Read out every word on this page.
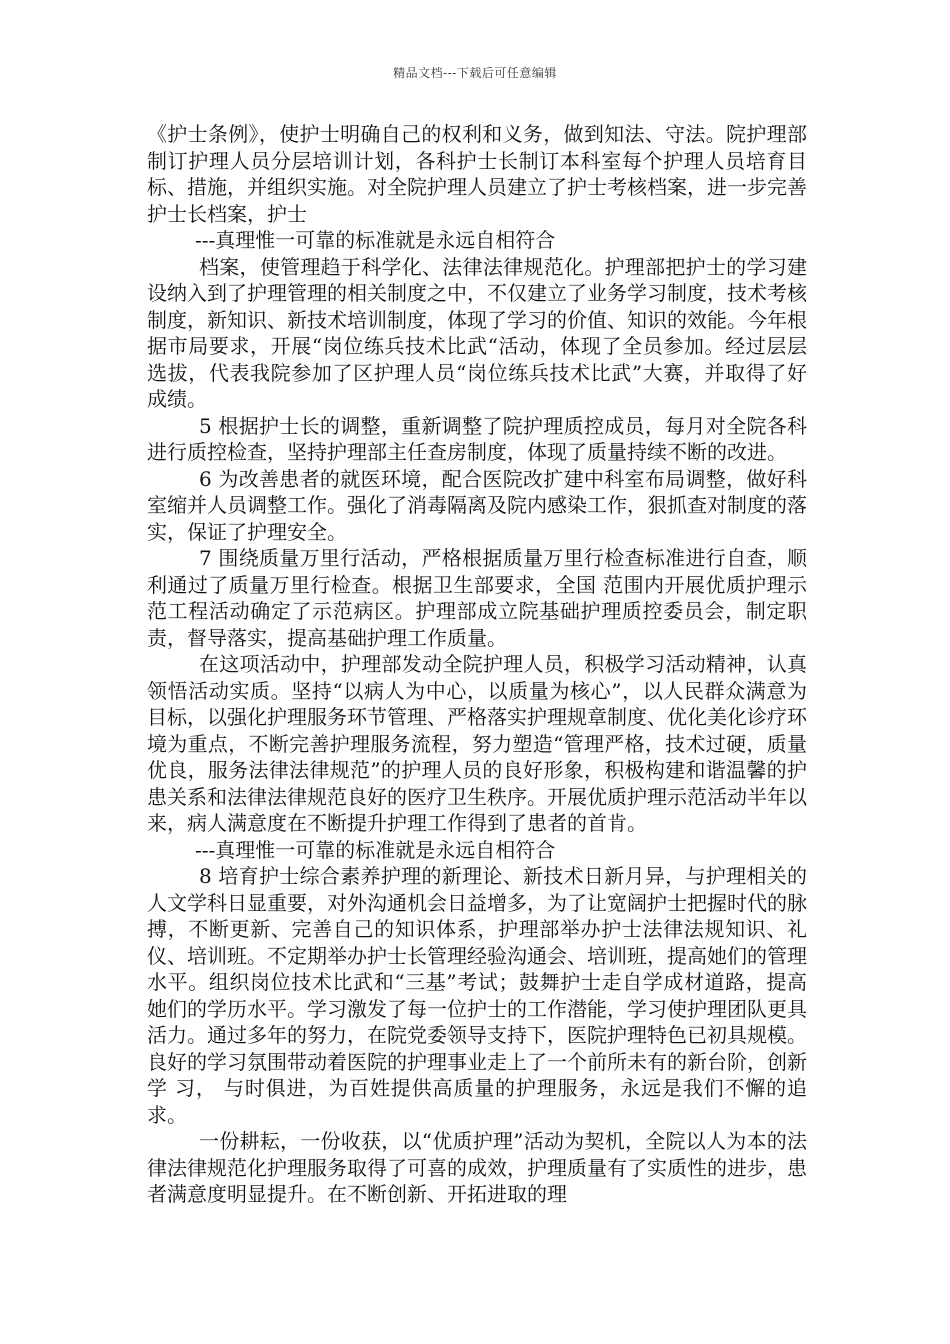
精品文档---下载后可任意编辑

《护士条例》，使护士明确自己的权利和义务，做到知法、守法。院护理部制订护理人员分层培训计划，各科护士长制订本科室每个护理人员培育目标、措施，并组织实施。对全院护理人员建立了护士考核档案，进一步完善护士长档案，护士

---真理惟一可靠的标准就是永远自相符合

档案，使管理趋于科学化、法律法律规范化。护理部把护士的学习建设纳入到了护理管理的相关制度之中，不仅建立了业务学习制度，技术考核制度，新知识、新技术培训制度，体现了学习的价值、知识的效能。今年根据市局要求，开展“岗位练兵技术比武“活动，体现了全员参加。经过层层选拔，代表我院参加了区护理人员“岗位练兵技术比武”大赛，并取得了好成绩。

5 根据护士长的调整，重新调整了院护理质控成员，每月对全院各科进行质控检查，坚持护理部主任查房制度，体现了质量持续不断的改进。

6 为改善患者的就医环境，配合医院改扩建中科室布局调整，做好科室缩并人员调整工作。强化了消毒隔离及院内感染工作，狠抓查对制度的落实，保证了护理安全。

7 围绕质量万里行活动，严格根据质量万里行检查标准进行自查，顺利通过了质量万里行检查。根据卫生部要求，全国 范围内开展优质护理示范工程活动确定了示范病区。护理部成立院基础护理质控委员会，制定职责，督导落实，提高基础护理工作质量。

在这项活动中，护理部发动全院护理人员，积极学习活动精神，认真领悟活动实质。坚持“以病人为中心，以质量为核心”，以人民群众满意为目标，以强化护理服务环节管理、严格落实护理规章制度、优化美化诊疗环境为重点，不断完善护理服务流程，努力塑造“管理严格，技术过硬，质量优良，服务法律法律规范”的护理人员的良好形象，积极构建和谐温馨的护患关系和法律法律规范良好的医疗卫生秩序。开展优质护理示范活动半年以来，病人满意度在不断提升护理工作得到了患者的首肯。

---真理惟一可靠的标准就是永远自相符合

8 培育护士综合素养护理的新理论、新技术日新月异，与护理相关的人文学科日显重要，对外沟通机会日益增多，为了让宽阔护士把握时代的脉搏，不断更新、完善自己的知识体系，护理部举办护士法律法规知识、礼仪、培训班。不定期举办护士长管理经验沟通会、培训班，提高她们的管理水平。组织岗位技术比武和“三基”考试；鼓舞护士走自学成材道路，提高她们的学历水平。学习激发了每一位护士的工作潜能，学习使护理团队更具活力。通过多年的努力，在院党委领导支持下，医院护理特色已初具规模。良好的学习氛围带动着医院的护理事业走上了一个前所未有的新台阶，创新学 习， 与时俱进，为百姓提供高质量的护理服务，永远是我们不懈的追求。

一份耕耘，一份收获，以“优质护理”活动为契机，全院以人为本的法律法律规范化护理服务取得了可喜的成效，护理质量有了实质性的进步，患者满意度明显提升。在不断创新、开拓进取的理
